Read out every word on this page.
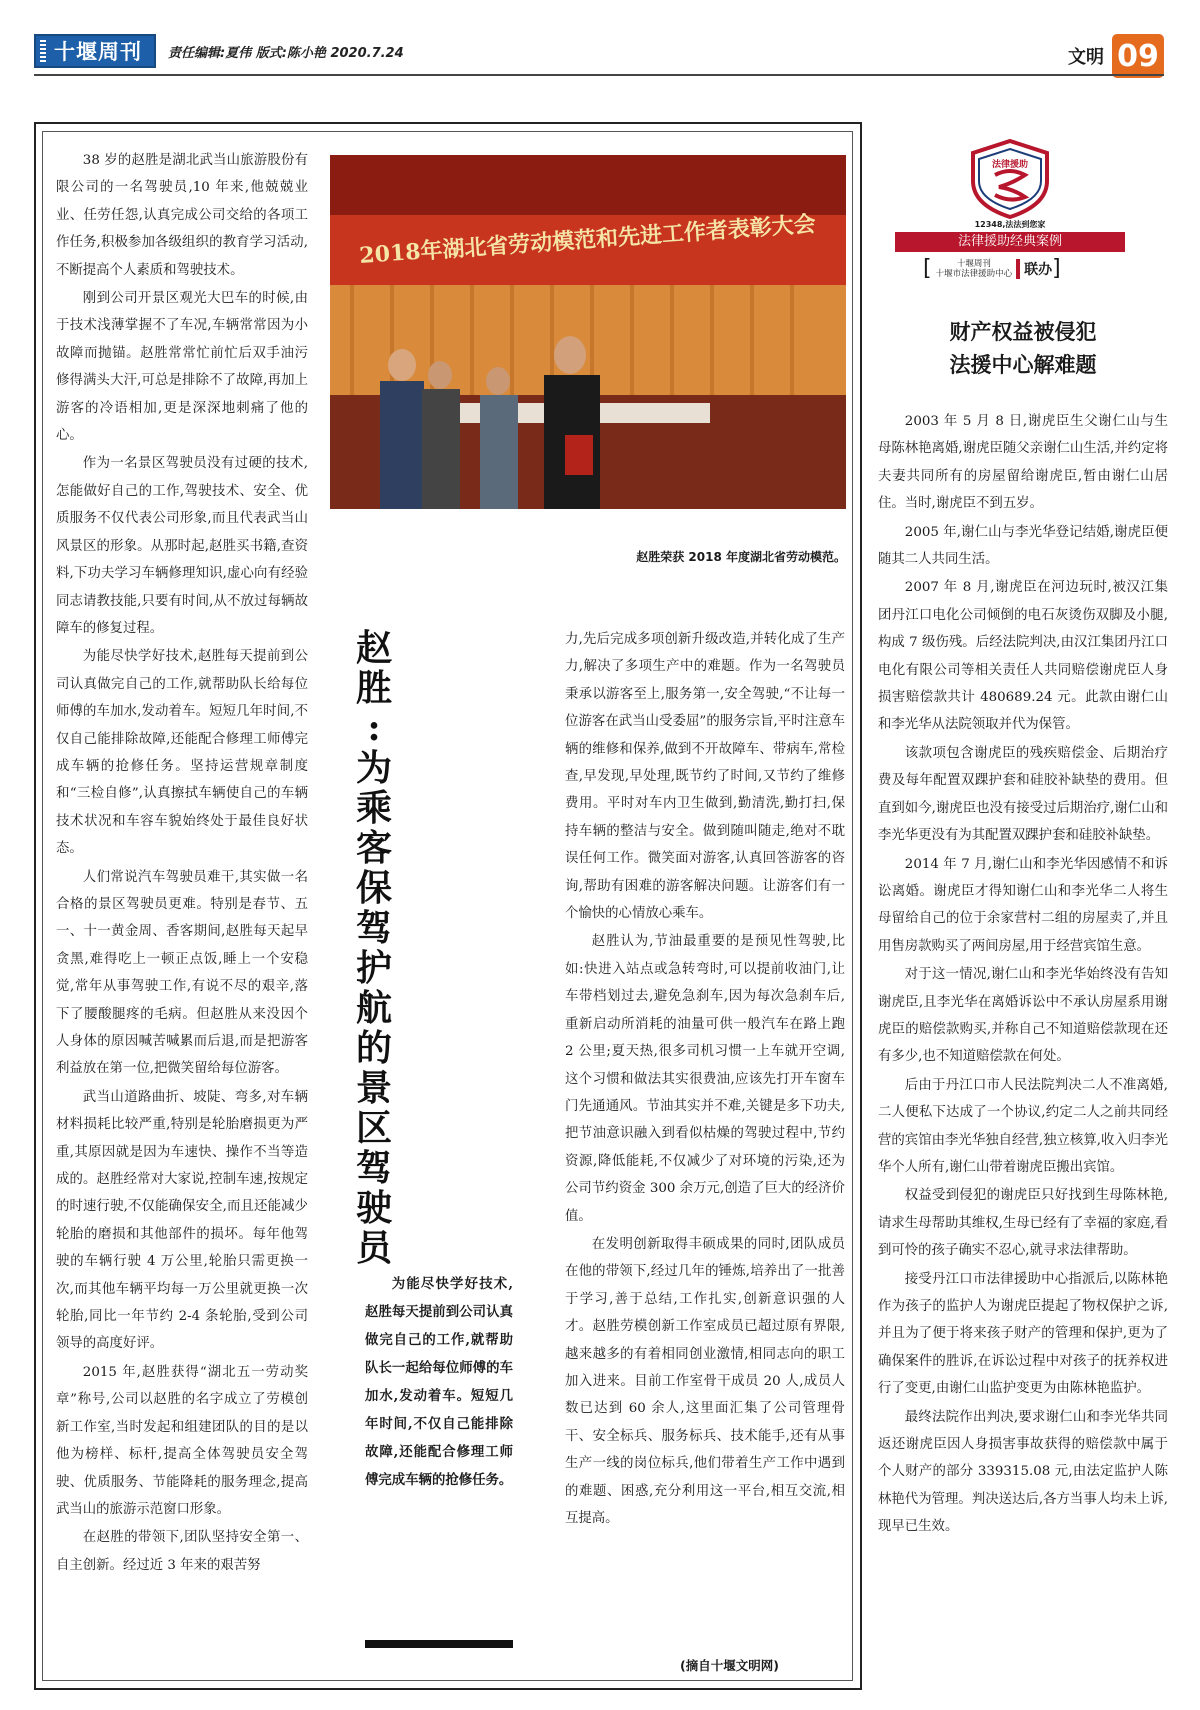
十堰周刊 责任编辑:夏伟 版式:陈小艳 2020.7.24	文明 09

38 岁的赵胜是湖北武当山旅游股份有限公司的一名驾驶员,10 年来,他兢兢业业、任劳任怨,认真完成公司交给的各项工作任务,积极参加各级组织的教育学习活动,不断提高个人素质和驾驶技术。

刚到公司开景区观光大巴车的时候,由于技术浅薄掌握不了车况,车辆常常因为小故障而抛锚。赵胜常常忙前忙后双手油污修得满头大汗,可总是排除不了故障,再加上游客的冷语相加,更是深深地刺痛了他的心。

作为一名景区驾驶员没有过硬的技术,怎能做好自己的工作,驾驶技术、安全、优质服务不仅代表公司形象,而且代表武当山风景区的形象。从那时起,赵胜买书籍,查资料,下功夫学习车辆修理知识,虚心向有经验同志请教技能,只要有时间,从不放过每辆故障车的修复过程。

为能尽快学好技术,赵胜每天提前到公司认真做完自己的工作,就帮助队长给每位师傅的车加水,发动着车。短短几年时间,不仅自己能排除故障,还能配合修理工师傅完成车辆的抢修任务。坚持运营规章制度和“三检自修”,认真擦拭车辆使自己的车辆技术状况和车容车貌始终处于最佳良好状态。

人们常说汽车驾驶员难干,其实做一名合格的景区驾驶员更难。特别是春节、五一、十一黄金周、香客期间,赵胜每天起早贪黑,难得吃上一顿正点饭,睡上一个安稳觉,常年从事驾驶工作,有说不尽的艰辛,落下了腰酸腿疼的毛病。但赵胜从来没因个人身体的原因喊苦喊累而后退,而是把游客利益放在第一位,把微笑留给每位游客。

武当山道路曲折、坡陡、弯多,对车辆材料损耗比较严重,特别是轮胎磨损更为严重,其原因就是因为车速快、操作不当等造成的。赵胜经常对大家说,控制车速,按规定的时速行驶,不仅能确保安全,而且还能减少轮胎的磨损和其他部件的损坏。每年他驾驶的车辆行驶 4 万公里,轮胎只需更换一次,而其他车辆平均每一万公里就更换一次轮胎,同比一年节约 2-4 条轮胎,受到公司领导的高度好评。

2015 年,赵胜获得“湖北五一劳动奖章”称号,公司以赵胜的名字成立了劳模创新工作室,当时发起和组建团队的目的是以他为榜样、标杆,提高全体驾驶员安全驾驶、优质服务、节能降耗的服务理念,提高武当山的旅游示范窗口形象。

在赵胜的带领下,团队坚持安全第一、自主创新。经过近 3 年来的艰苦努

2018年湖北省劳动模范和先进工作者表彰大会
赵胜荣获 2018 年度湖北省劳动模范。
赵
胜
:
为
乘
客
保
驾
护
航
的
景
区
驾
驶
员
为能尽快学好技术,赵胜每天提前到公司认真做完自己的工作,就帮助队长一起给每位师傅的车加水,发动着车。短短几年时间,不仅自己能排除故障,还能配合修理工师傅完成车辆的抢修任务。

力,先后完成多项创新升级改造,并转化成了生产力,解决了多项生产中的难题。作为一名驾驶员秉承以游客至上,服务第一,安全驾驶,“不让每一位游客在武当山受委屈”的服务宗旨,平时注意车辆的维修和保养,做到不开故障车、带病车,常检查,早发现,早处理,既节约了时间,又节约了维修费用。平时对车内卫生做到,勤清洗,勤打扫,保持车辆的整洁与安全。做到随叫随走,绝对不耽误任何工作。微笑面对游客,认真回答游客的咨询,帮助有困难的游客解决问题。让游客们有一个愉快的心情放心乘车。

赵胜认为,节油最重要的是预见性驾驶,比如:快进入站点或急转弯时,可以提前收油门,让车带档划过去,避免急刹车,因为每次急刹车后,重新启动所消耗的油量可供一般汽车在路上跑 2 公里;夏天热,很多司机习惯一上车就开空调,这个习惯和做法其实很费油,应该先打开车窗车门先通通风。节油其实并不难,关键是多下功夫,把节油意识融入到看似枯燥的驾驶过程中,节约资源,降低能耗,不仅减少了对环境的污染,还为公司节约资金 300 余万元,创造了巨大的经济价值。

在发明创新取得丰硕成果的同时,团队成员在他的带领下,经过几年的锤炼,培养出了一批善于学习,善于总结,工作扎实,创新意识强的人才。赵胜劳模创新工作室成员已超过原有界限,越来越多的有着相同创业激情,相同志向的职工加入进来。目前工作室骨干成员 20 人,成员人数已达到 60 余人,这里面汇集了公司管理骨干、安全标兵、服务标兵、技术能手,还有从事生产一线的岗位标兵,他们带着生产工作中遇到的难题、困惑,充分利用这一平台,相互交流,相互提高。

(摘自十堰文明网)
法律援助
12348,法法到您家
法律援助经典案例
[	十堰周刊
十堰市法律援助中心 联办 ]
财产权益被侵犯
法援中心解难题

2003 年 5 月 8 日,谢虎臣生父谢仁山与生母陈林艳离婚,谢虎臣随父亲谢仁山生活,并约定将夫妻共同所有的房屋留给谢虎臣,暂由谢仁山居住。当时,谢虎臣不到五岁。

2005 年,谢仁山与李光华登记结婚,谢虎臣便随其二人共同生活。

2007 年 8 月,谢虎臣在河边玩时,被汉江集团丹江口电化公司倾倒的电石灰烫伤双脚及小腿,构成 7 级伤残。后经法院判决,由汉江集团丹江口电化有限公司等相关责任人共同赔偿谢虎臣人身损害赔偿款共计 480689.24 元。此款由谢仁山和李光华从法院领取并代为保管。

该款项包含谢虎臣的残疾赔偿金、后期治疗费及每年配置双踝护套和硅胶补缺垫的费用。但直到如今,谢虎臣也没有接受过后期治疗,谢仁山和李光华更没有为其配置双踝护套和硅胶补缺垫。

2014 年 7 月,谢仁山和李光华因感情不和诉讼离婚。谢虎臣才得知谢仁山和李光华二人将生母留给自己的位于余家营村二组的房屋卖了,并且用售房款购买了两间房屋,用于经营宾馆生意。

对于这一情况,谢仁山和李光华始终没有告知谢虎臣,且李光华在离婚诉讼中不承认房屋系用谢虎臣的赔偿款购买,并称自己不知道赔偿款现在还有多少,也不知道赔偿款在何处。

后由于丹江口市人民法院判决二人不准离婚,二人便私下达成了一个协议,约定二人之前共同经营的宾馆由李光华独自经营,独立核算,收入归李光华个人所有,谢仁山带着谢虎臣搬出宾馆。

权益受到侵犯的谢虎臣只好找到生母陈林艳,请求生母帮助其维权,生母已经有了幸福的家庭,看到可怜的孩子确实不忍心,就寻求法律帮助。

接受丹江口市法律援助中心指派后,以陈林艳作为孩子的监护人为谢虎臣提起了物权保护之诉,并且为了便于将来孩子财产的管理和保护,更为了确保案件的胜诉,在诉讼过程中对孩子的抚养权进行了变更,由谢仁山监护变更为由陈林艳监护。

最终法院作出判决,要求谢仁山和李光华共同返还谢虎臣因人身损害事故获得的赔偿款中属于个人财产的部分 339315.08 元,由法定监护人陈林艳代为管理。判决送达后,各方当事人均未上诉,现早已生效。
